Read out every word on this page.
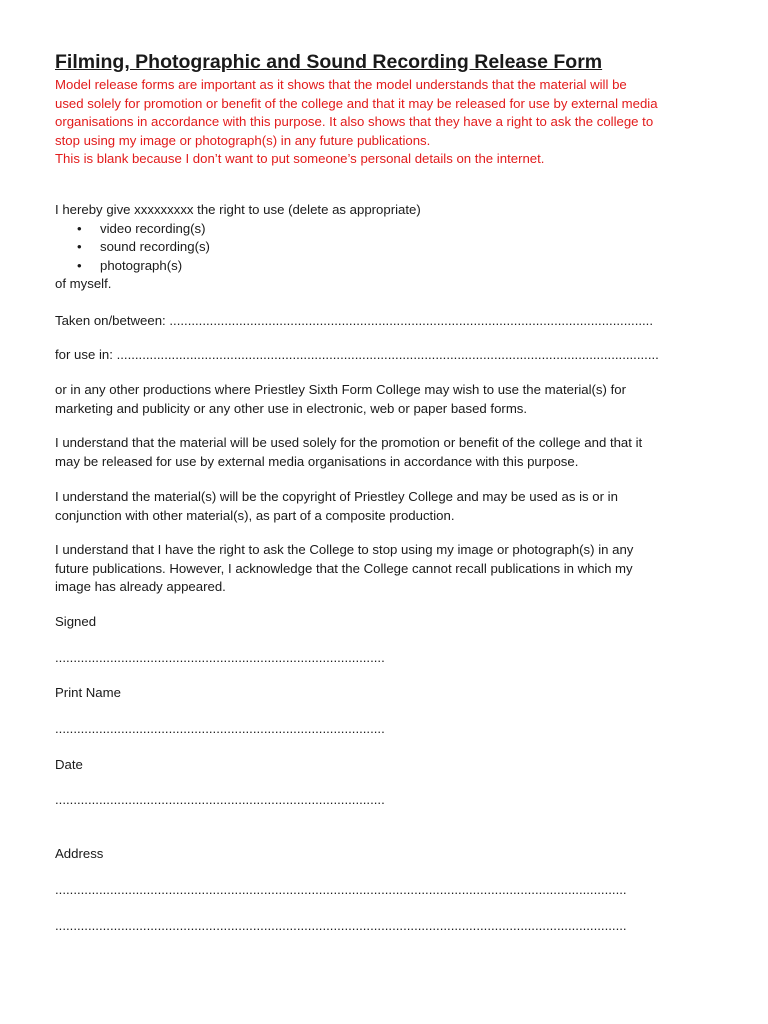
Filming, Photographic and Sound Recording Release Form
Model release forms are important as it shows that the model understands that the material will be
used solely for promotion or benefit of the college and that it may be released for use by external media
organisations in accordance with this purpose. It also shows that they have a right to ask the college to
stop using my image or photograph(s) in any future publications.
This is blank because I don’t want to put someone’s personal details on the internet.
I hereby give xxxxxxxxx the right to use (delete as appropriate)
• video recording(s)
• sound recording(s)
• photograph(s)
of myself.
Taken on/between: ....................................................................................................................................
for use in: ....................................................................................................................................................
or in any other productions where Priestley Sixth Form College may wish to use the material(s) for
marketing and publicity or any other use in electronic, web or paper based forms.
I understand that the material will be used solely for the promotion or benefit of the college and that it
may be released for use by external media organisations in accordance with this purpose.
I understand the material(s) will be the copyright of Priestley College and may be used as is or in
conjunction with other material(s), as part of a composite production.
I understand that I have the right to ask the College to stop using my image or photograph(s) in any
future publications. However, I acknowledge that the College cannot recall publications in which my
image has already appeared.
Signed
..........................................................................................
Print Name
..........................................................................................
Date
..........................................................................................
Address
............................................................................................................................................................
............................................................................................................................................................
